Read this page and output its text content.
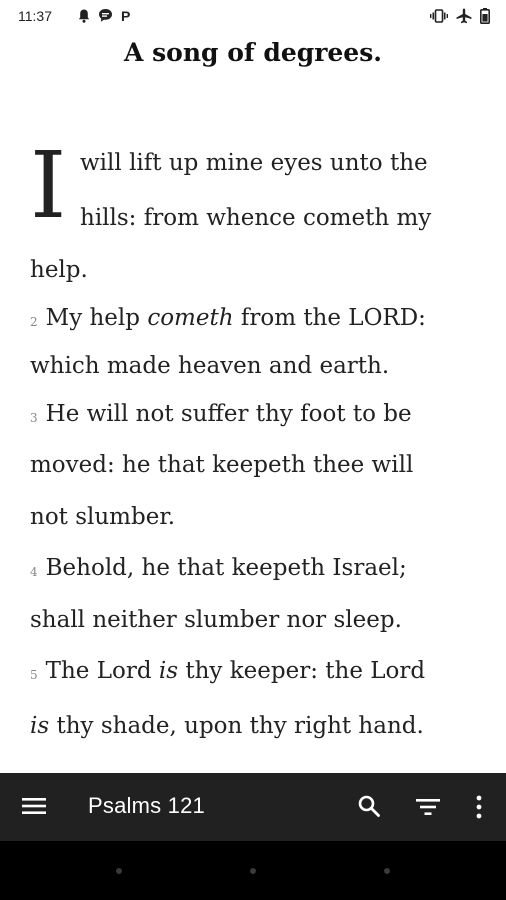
11:37	P
A song of degrees.
I will lift up mine eyes unto the
hills: from whence cometh my
help.
2 My help cometh from the LORD:
which made heaven and earth.
3 He will not suffer thy foot to be
moved: he that keepeth thee will
not slumber.
4 Behold, he that keepeth Israel;
shall neither slumber nor sleep.
5 The Lord is thy keeper: the Lord
is thy shade, upon thy right hand.
Psalms 121
